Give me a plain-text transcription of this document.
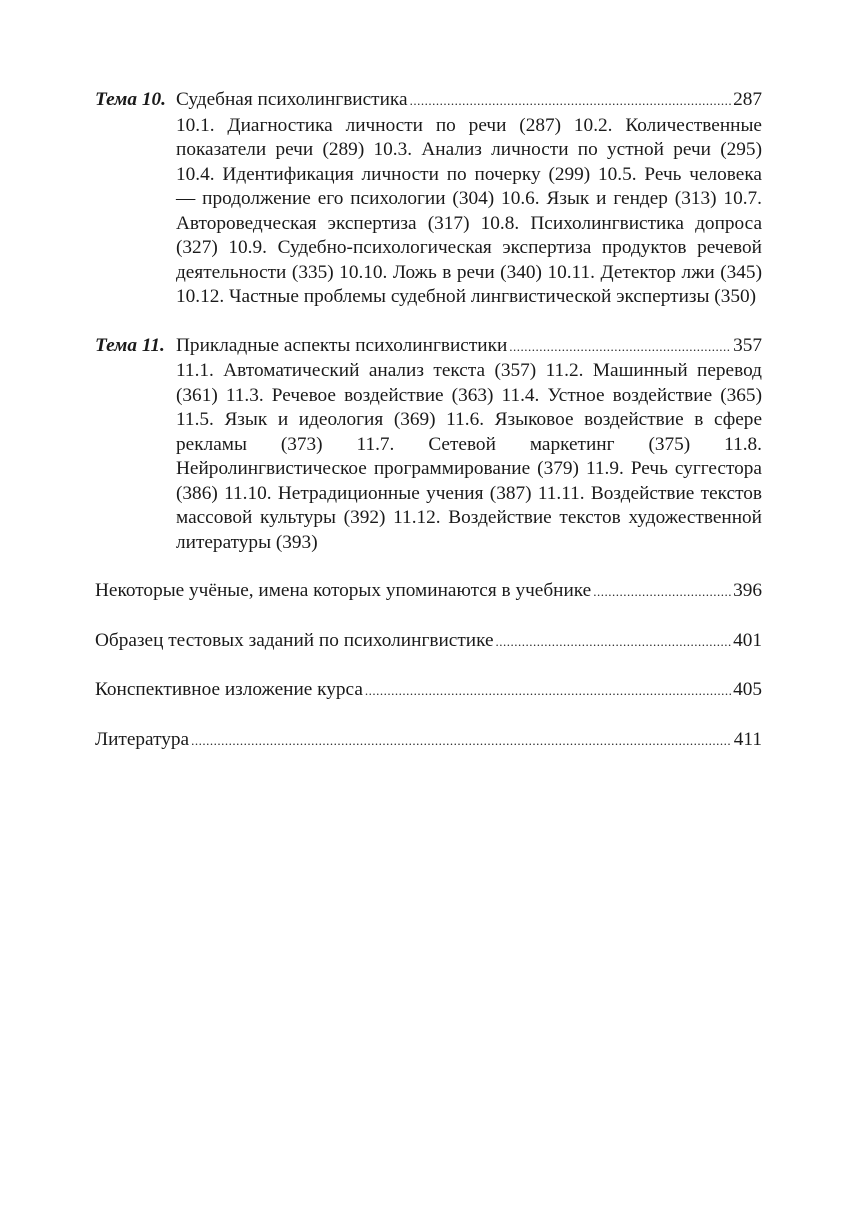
Тема 10. Судебная психолингвистика .....	287
10.1. Диагностика личности по речи (287) 10.2. Количественные показатели речи (289) 10.3. Анализ личности по устной речи (295) 10.4. Идентификация личности по почерку (299) 10.5. Речь человека — продолжение его психологии (304) 10.6. Язык и гендер (313) 10.7. Автороведческая экспертиза (317) 10.8. Психолингвистика допроса (327) 10.9. Судебно-психологическая экспертиза продуктов речевой деятельности (335) 10.10. Ложь в речи (340) 10.11. Детектор лжи (345) 10.12. Частные проблемы судебной лингвистической экспертизы (350)
Тема 11. Прикладные аспекты психолингвистики .....	357
11.1. Автоматический анализ текста (357) 11.2. Машинный перевод (361) 11.3. Речевое воздействие (363) 11.4. Устное воздействие (365) 11.5. Язык и идеология (369) 11.6. Языковое воздействие в сфере рекламы (373) 11.7. Сетевой маркетинг (375) 11.8. Нейролингвистическое программирование (379) 11.9. Речь суггестора (386) 11.10. Нетрадиционные учения (387) 11.11. Воздействие текстов массовой культуры (392) 11.12. Воздействие текстов художественной литературы (393)
Некоторые учёные, имена которых упоминаются в учебнике .....	396
Образец тестовых заданий по психолингвистике .....	401
Конспективное изложение курса .....	405
Литература .....	411
